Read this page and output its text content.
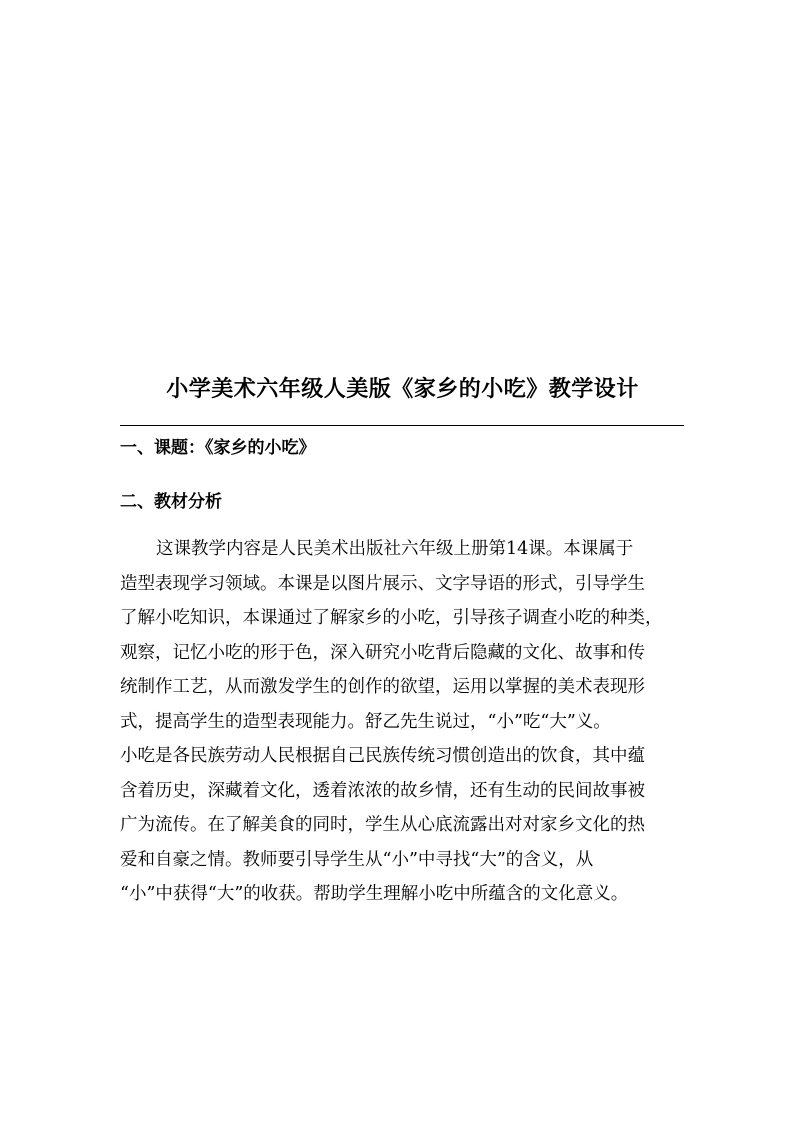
小学美术六年级人美版《家乡的小吃》教学设计
一、课题：《家乡的小吃》
二、教材分析
这课教学内容是人民美术出版社六年级上册第14课。本课属于
造型表现学习领域。本课是以图片展示、文字导语的形式，引导学生
了解小吃知识，本课通过了解家乡的小吃，引导孩子调查小吃的种类，
观察，记忆小吃的形于色，深入研究小吃背后隐藏的文化、故事和传
统制作工艺，从而激发学生的创作的欲望，运用以掌握的美术表现形
式，提高学生的造型表现能力。舒乙先生说过，“小”吃“大”义。
小吃是各民族劳动人民根据自己民族传统习惯创造出的饮食，其中蕴
含着历史，深藏着文化，透着浓浓的故乡情，还有生动的民间故事被
广为流传。在了解美食的同时，学生从心底流露出对对家乡文化的热
爱和自豪之情。教师要引导学生从“小”中寻找“大”的含义，从
“小”中获得“大”的收获。帮助学生理解小吃中所蕴含的文化意义。
